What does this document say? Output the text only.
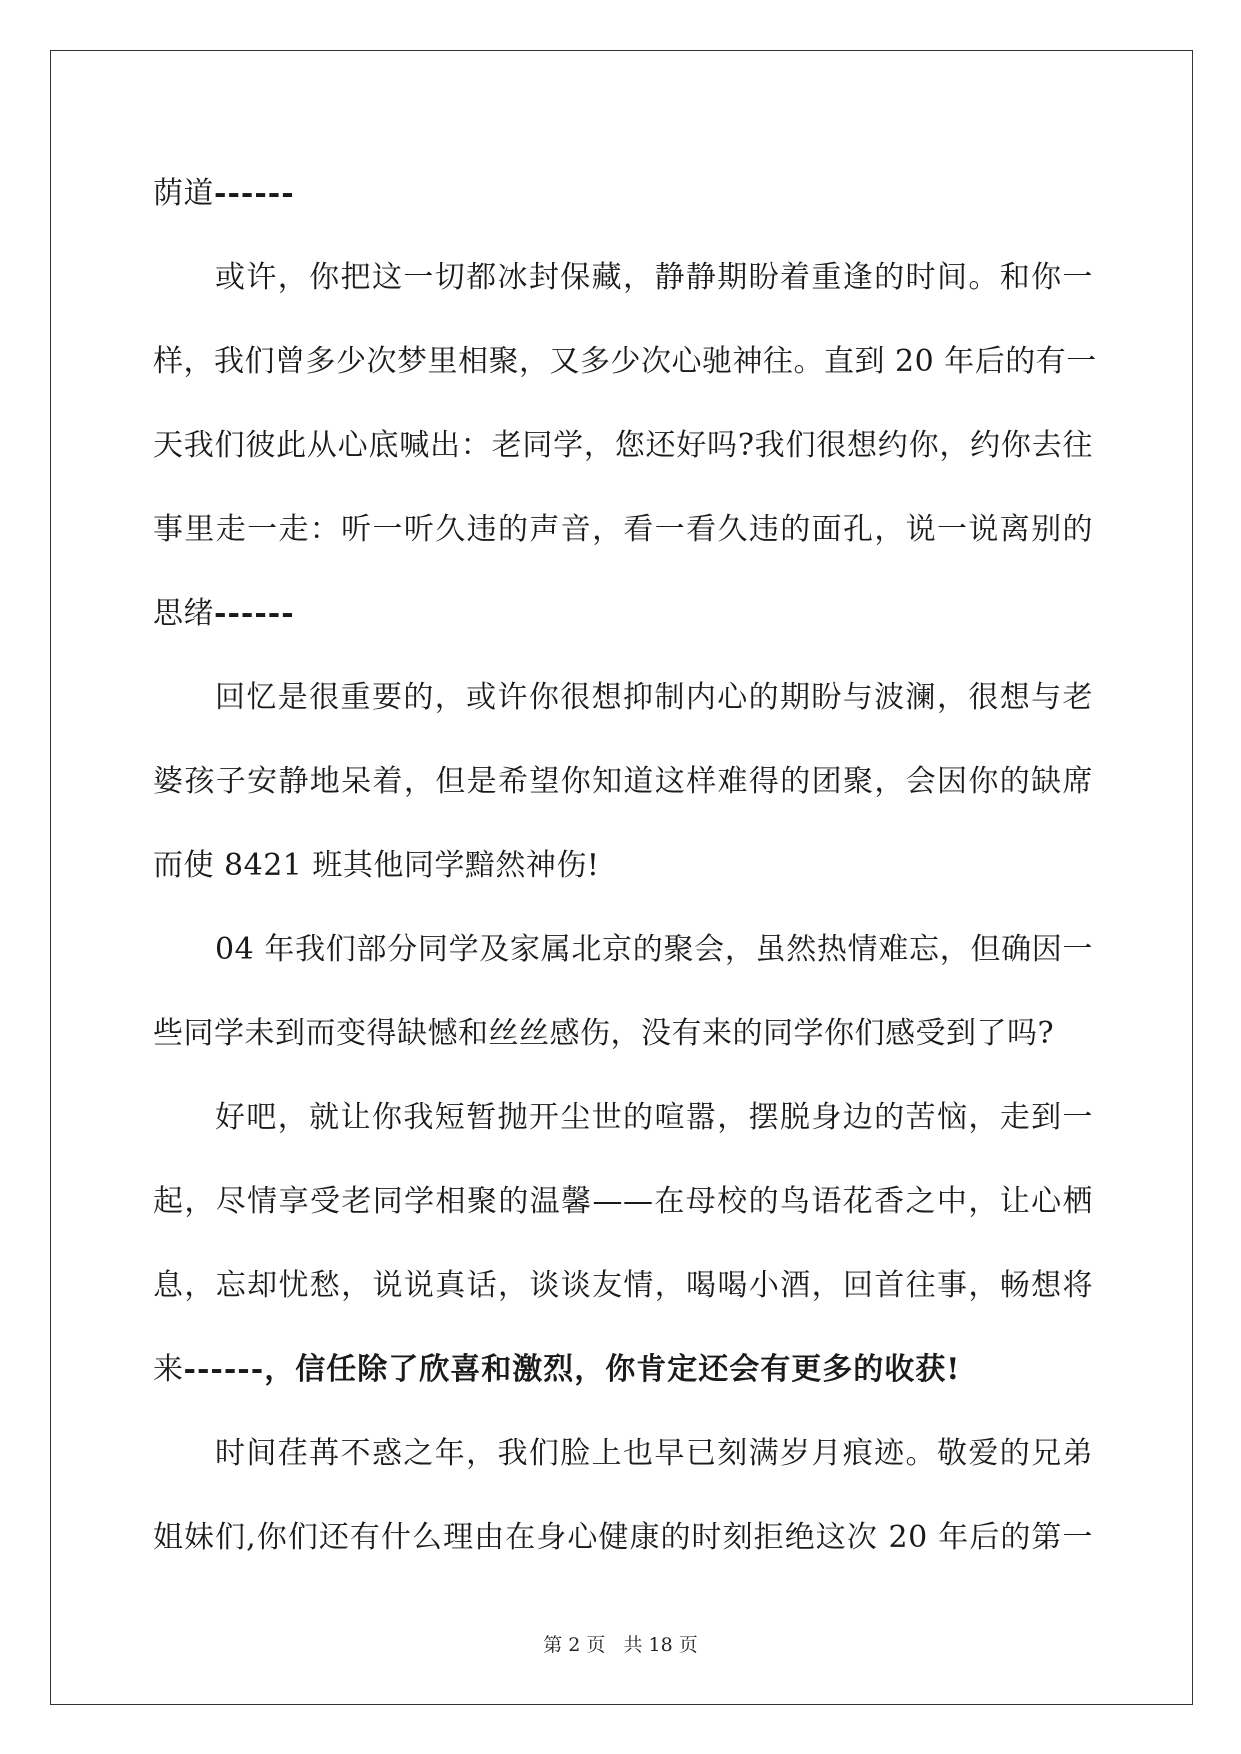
荫道------
或许，你把这一切都冰封保藏，静静期盼着重逢的时间。和你一
样，我们曾多少次梦里相聚，又多少次心驰神往。直到 20 年后的有一
天我们彼此从心底喊出：老同学，您还好吗?我们很想约你，约你去往
事里走一走：听一听久违的声音，看一看久违的面孔，说一说离别的
思绪------
回忆是很重要的，或许你很想抑制内心的期盼与波澜，很想与老
婆孩子安静地呆着，但是希望你知道这样难得的团聚，会因你的缺席
而使 8421 班其他同学黯然神伤!
04 年我们部分同学及家属北京的聚会，虽然热情难忘，但确因一
些同学未到而变得缺憾和丝丝感伤，没有来的同学你们感受到了吗?
好吧，就让你我短暂抛开尘世的喧嚣，摆脱身边的苦恼，走到一
起，尽情享受老同学相聚的温馨——在母校的鸟语花香之中，让心栖
息，忘却忧愁，说说真话，谈谈友情，喝喝小酒，回首往事，畅想将
来------，信任除了欣喜和激烈，你肯定还会有更多的收获!
时间荏苒不惑之年，我们脸上也早已刻满岁月痕迹。敬爱的兄弟
姐妹们,你们还有什么理由在身心健康的时刻拒绝这次 20 年后的第一
第 2 页 共 18 页
